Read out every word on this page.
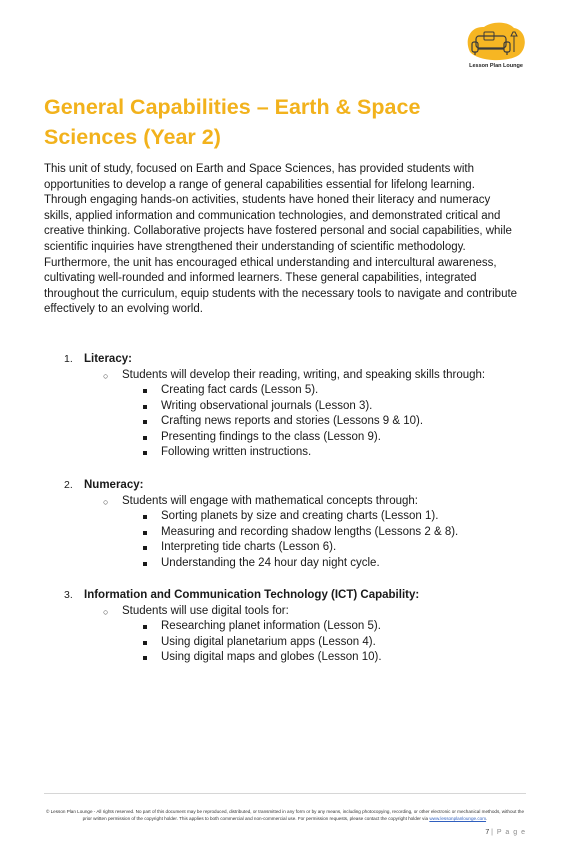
Lesson Plan Lounge
General Capabilities – Earth & Space Sciences (Year 2)

This unit of study, focused on Earth and Space Sciences, has provided students with opportunities to develop a range of general capabilities essential for lifelong learning. Through engaging hands-on activities, students have honed their literacy and numeracy skills, applied information and communication technologies, and demonstrated critical and creative thinking. Collaborative projects have fostered personal and social capabilities, while scientific inquiries have strengthened their understanding of scientific methodology. Furthermore, the unit has encouraged ethical understanding and intercultural awareness, cultivating well-rounded and informed learners. These general capabilities, integrated throughout the curriculum, equip students with the necessary tools to navigate and contribute effectively to an evolving world.

1. Literacy:
○ Students will develop their reading, writing, and speaking skills through:
Creating fact cards (Lesson 5).
Writing observational journals (Lesson 3).
Crafting news reports and stories (Lessons 9 & 10).
Presenting findings to the class (Lesson 9).
Following written instructions.
2. Numeracy:
○ Students will engage with mathematical concepts through:
Sorting planets by size and creating charts (Lesson 1).
Measuring and recording shadow lengths (Lessons 2 & 8).
Interpreting tide charts (Lesson 6).
Understanding the 24 hour day night cycle.
3. Information and Communication Technology (ICT) Capability:
○ Students will use digital tools for:
Researching planet information (Lesson 5).
Using digital planetarium apps (Lesson 4).
Using digital maps and globes (Lesson 10).
© Lesson Plan Lounge - All rights reserved. No part of this document may be reproduced, distributed, or transmitted in any form or by any means, including photocopying, recording, or other electronic or mechanical methods, without the prior written permission of the copyright holder. This applies to both commercial and non-commercial use. For permission requests, please contact the copyright holder via www.lessonplanlounge.com.
7 | P a g e
